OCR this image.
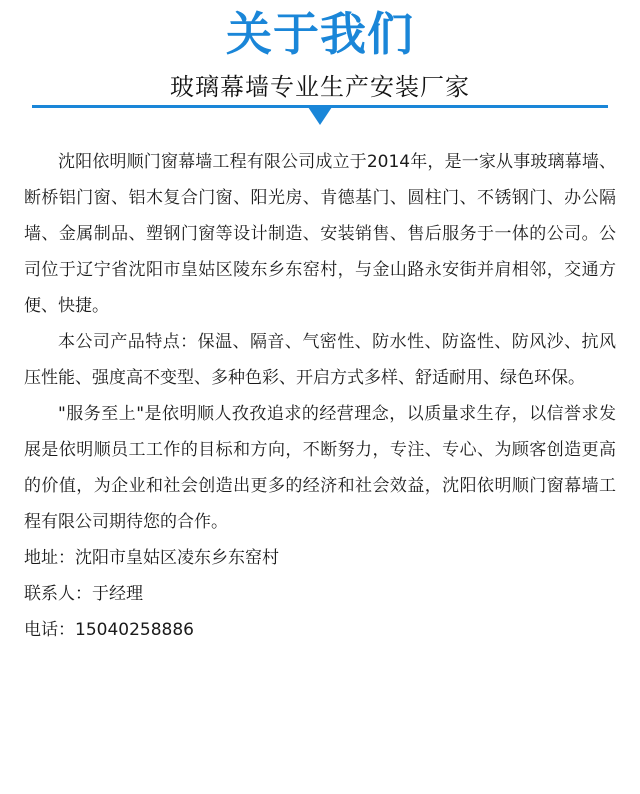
关于我们
玻璃幕墙专业生产安装厂家

沈阳依明顺门窗幕墙工程有限公司成立于2014年，是一家从事玻璃幕墙、断桥铝门窗、铝木复合门窗、阳光房、肯德基门、圆柱门、不锈钢门、办公隔墙、金属制品、塑钢门窗等设计制造、安装销售、售后服务于一体的公司。公司位于辽宁省沈阳市皇姑区陵东乡东窑村，与金山路永安街并肩相邻，交通方便、快捷。

本公司产品特点：保温、隔音、气密性、防水性、防盗性、防风沙、抗风压性能、强度高不变型、多种色彩、开启方式多样、舒适耐用、绿色环保。

"服务至上"是依明顺人孜孜追求的经营理念，以质量求生存，以信誉求发展是依明顺员工工作的目标和方向，不断努力，专注、专心、为顾客创造更高的价值，为企业和社会创造出更多的经济和社会效益，沈阳依明顺门窗幕墙工程有限公司期待您的合作。

地址：沈阳市皇姑区凌东乡东窑村

联系人：于经理

电话：15040258886
